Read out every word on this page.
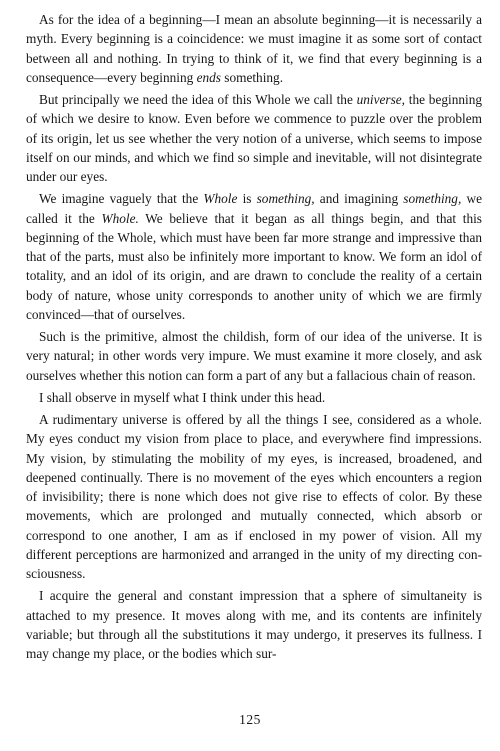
As for the idea of a beginning—I mean an absolute beginning—it is necessarily a myth. Every beginning is a coincidence: we must imagine it as some sort of contact between all and nothing. In trying to think of it, we find that every beginning is a consequence—every beginning ends something.

But principally we need the idea of this Whole we call the universe, the beginning of which we desire to know. Even before we commence to puzzle over the problem of its origin, let us see whether the very notion of a universe, which seems to impose itself on our minds, and which we find so simple and inevitable, will not disintegrate under our eyes.

We imagine vaguely that the Whole is something, and imagining something, we called it the Whole. We believe that it began as all things begin, and that this beginning of the Whole, which must have been far more strange and impressive than that of the parts, must also be infinitely more important to know. We form an idol of totality, and an idol of its origin, and are drawn to conclude the reality of a certain body of nature, whose unity corresponds to another unity of which we are firmly convinced—that of ourselves.

Such is the primitive, almost the childish, form of our idea of the universe. It is very natural; in other words very impure. We must examine it more closely, and ask ourselves whether this notion can form a part of any but a fallacious chain of reason.

I shall observe in myself what I think under this head.

A rudimentary universe is offered by all the things I see, considered as a whole. My eyes conduct my vision from place to place, and everywhere find impressions. My vision, by stimulating the mobility of my eyes, is increased, broadened, and deepened continually. There is no movement of the eyes which encounters a region of invisibility; there is none which does not give rise to effects of color. By these movements, which are prolonged and mutually connected, which absorb or correspond to one another, I am as if enclosed in my power of vision. All my different perceptions are harmonized and arranged in the unity of my directing consciousness.

I acquire the general and constant impression that a sphere of simultaneity is attached to my presence. It moves along with me, and its contents are infinitely variable; but through all the substitutions it may undergo, it preserves its fullness. I may change my place, or the bodies which sur-

125
